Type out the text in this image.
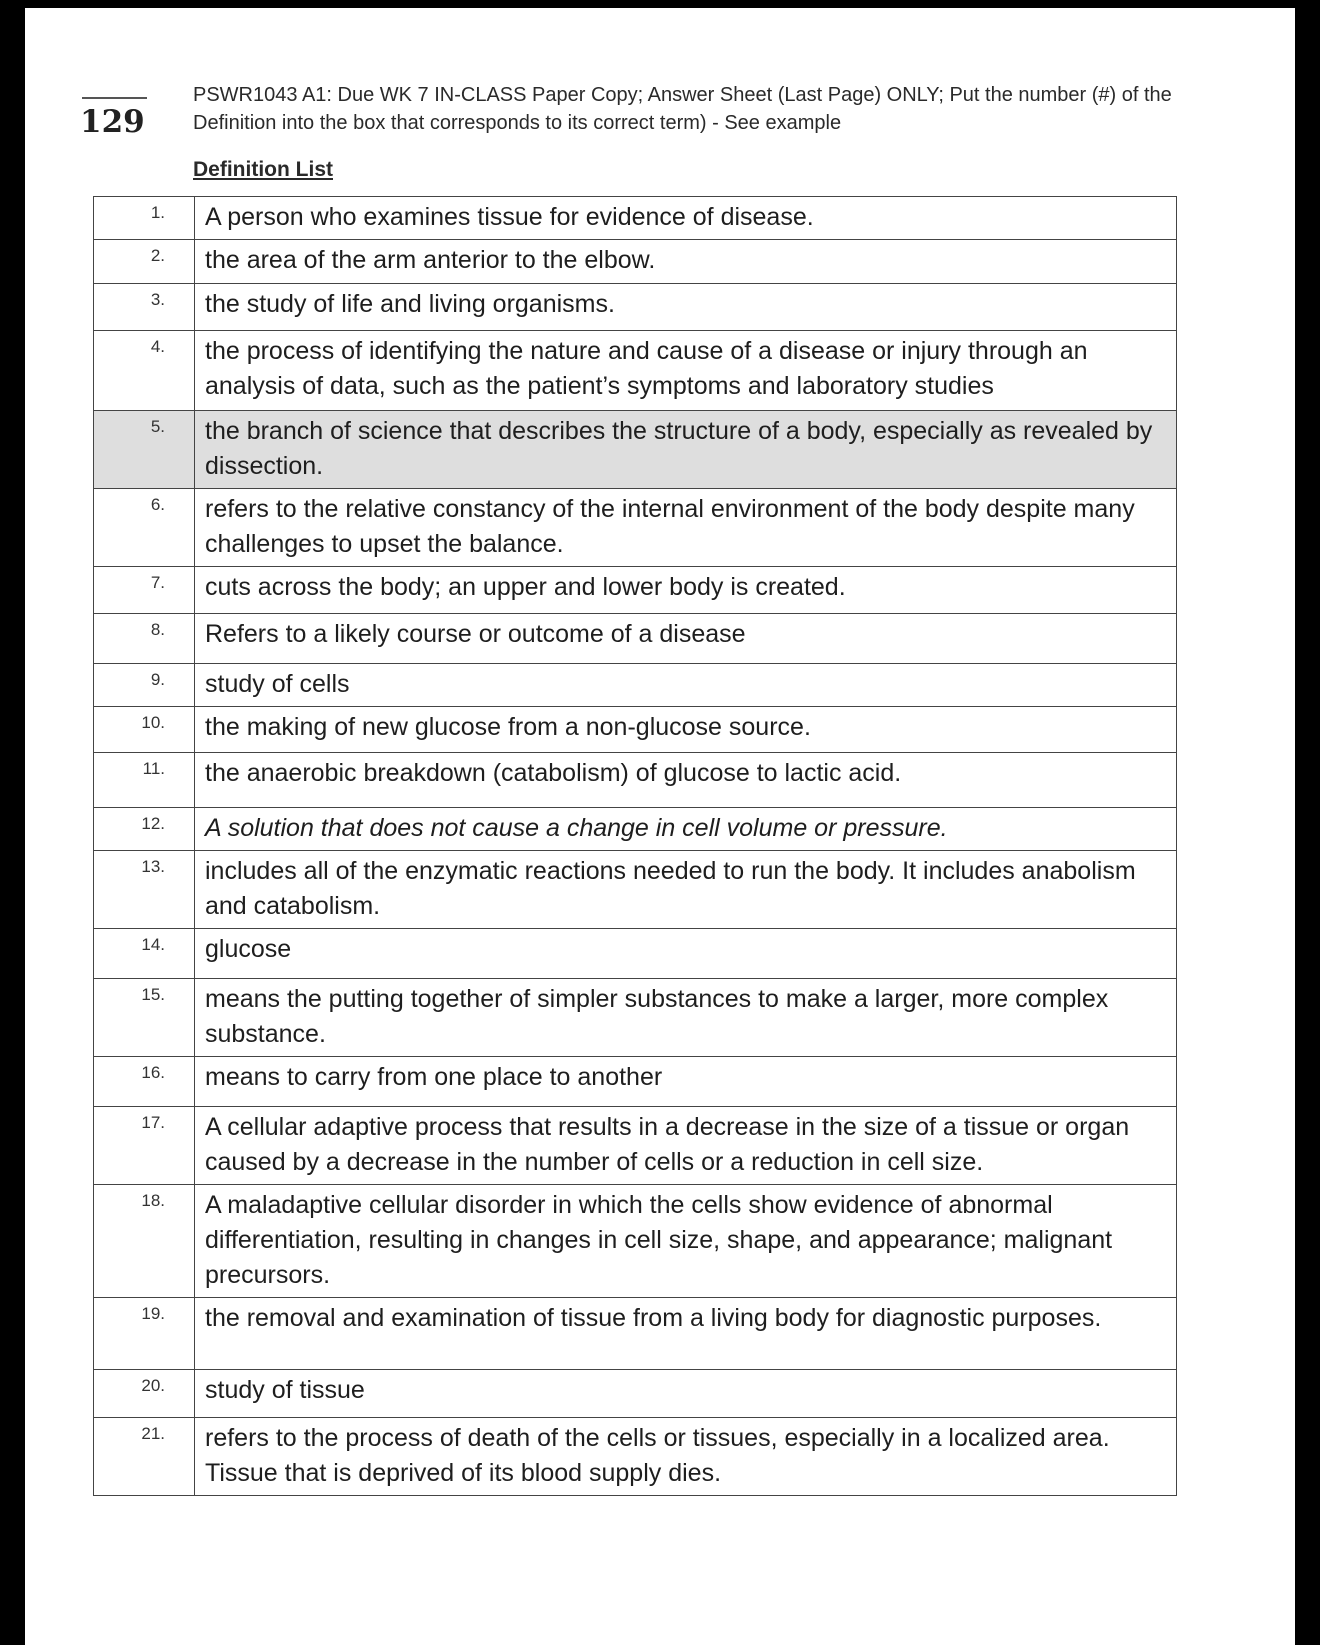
129
PSWR1043 A1: Due WK 7 IN-CLASS Paper Copy; Answer Sheet (Last Page) ONLY; Put the number (#) of the Definition into the box that corresponds to its correct term) - See example
Definition List
1.	A person who examines tissue for evidence of disease.
2.	the area of the arm anterior to the elbow.
3.	the study of life and living organisms.
4.	the process of identifying the nature and cause of a disease or injury through an analysis of data, such as the patient’s symptoms and laboratory studies
5.	the branch of science that describes the structure of a body, especially as revealed by dissection.
6.	refers to the relative constancy of the internal environment of the body despite many challenges to upset the balance.
7.	cuts across the body; an upper and lower body is created.
8.	Refers to a likely course or outcome of a disease
9.	study of cells
10.	the making of new glucose from a non-glucose source.
11.	the anaerobic breakdown (catabolism) of glucose to lactic acid.
12.	A solution that does not cause a change in cell volume or pressure.
13.	includes all of the enzymatic reactions needed to run the body. It includes anabolism and catabolism.
14.	glucose
15.	means the putting together of simpler substances to make a larger, more complex substance.
16.	means to carry from one place to another
17.	A cellular adaptive process that results in a decrease in the size of a tissue or organ caused by a decrease in the number of cells or a reduction in cell size.
18.	A maladaptive cellular disorder in which the cells show evidence of abnormal differentiation, resulting in changes in cell size, shape, and appearance; malignant precursors.
19.	the removal and examination of tissue from a living body for diagnostic purposes.
20.	study of tissue
21.	refers to the process of death of the cells or tissues, especially in a localized area. Tissue that is deprived of its blood supply dies.
